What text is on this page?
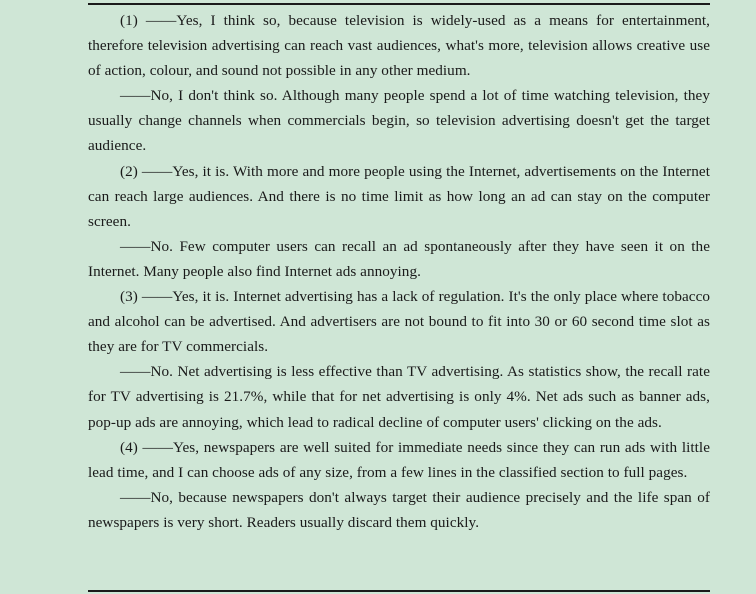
(1) ——Yes, I think so, because television is widely-used as a means for entertainment, therefore television advertising can reach vast audiences, what's more, television allows creative use of action, colour, and sound not possible in any other medium.

——No, I don't think so. Although many people spend a lot of time watching television, they usually change channels when commercials begin, so television advertising doesn't get the target audience.

(2) ——Yes, it is. With more and more people using the Internet, advertisements on the Internet can reach large audiences. And there is no time limit as how long an ad can stay on the computer screen.

——No. Few computer users can recall an ad spontaneously after they have seen it on the Internet. Many people also find Internet ads annoying.

(3) ——Yes, it is. Internet advertising has a lack of regulation. It's the only place where tobacco and alcohol can be advertised. And advertisers are not bound to fit into 30 or 60 second time slot as they are for TV commercials.

——No. Net advertising is less effective than TV advertising. As statistics show, the recall rate for TV advertising is 21.7%, while that for net advertising is only 4%. Net ads such as banner ads, pop-up ads are annoying, which lead to radical decline of computer users' clicking on the ads.

(4) ——Yes, newspapers are well suited for immediate needs since they can run ads with little lead time, and I can choose ads of any size, from a few lines in the classified section to full pages.

——No, because newspapers don't always target their audience precisely and the life span of newspapers is very short. Readers usually discard them quickly.
